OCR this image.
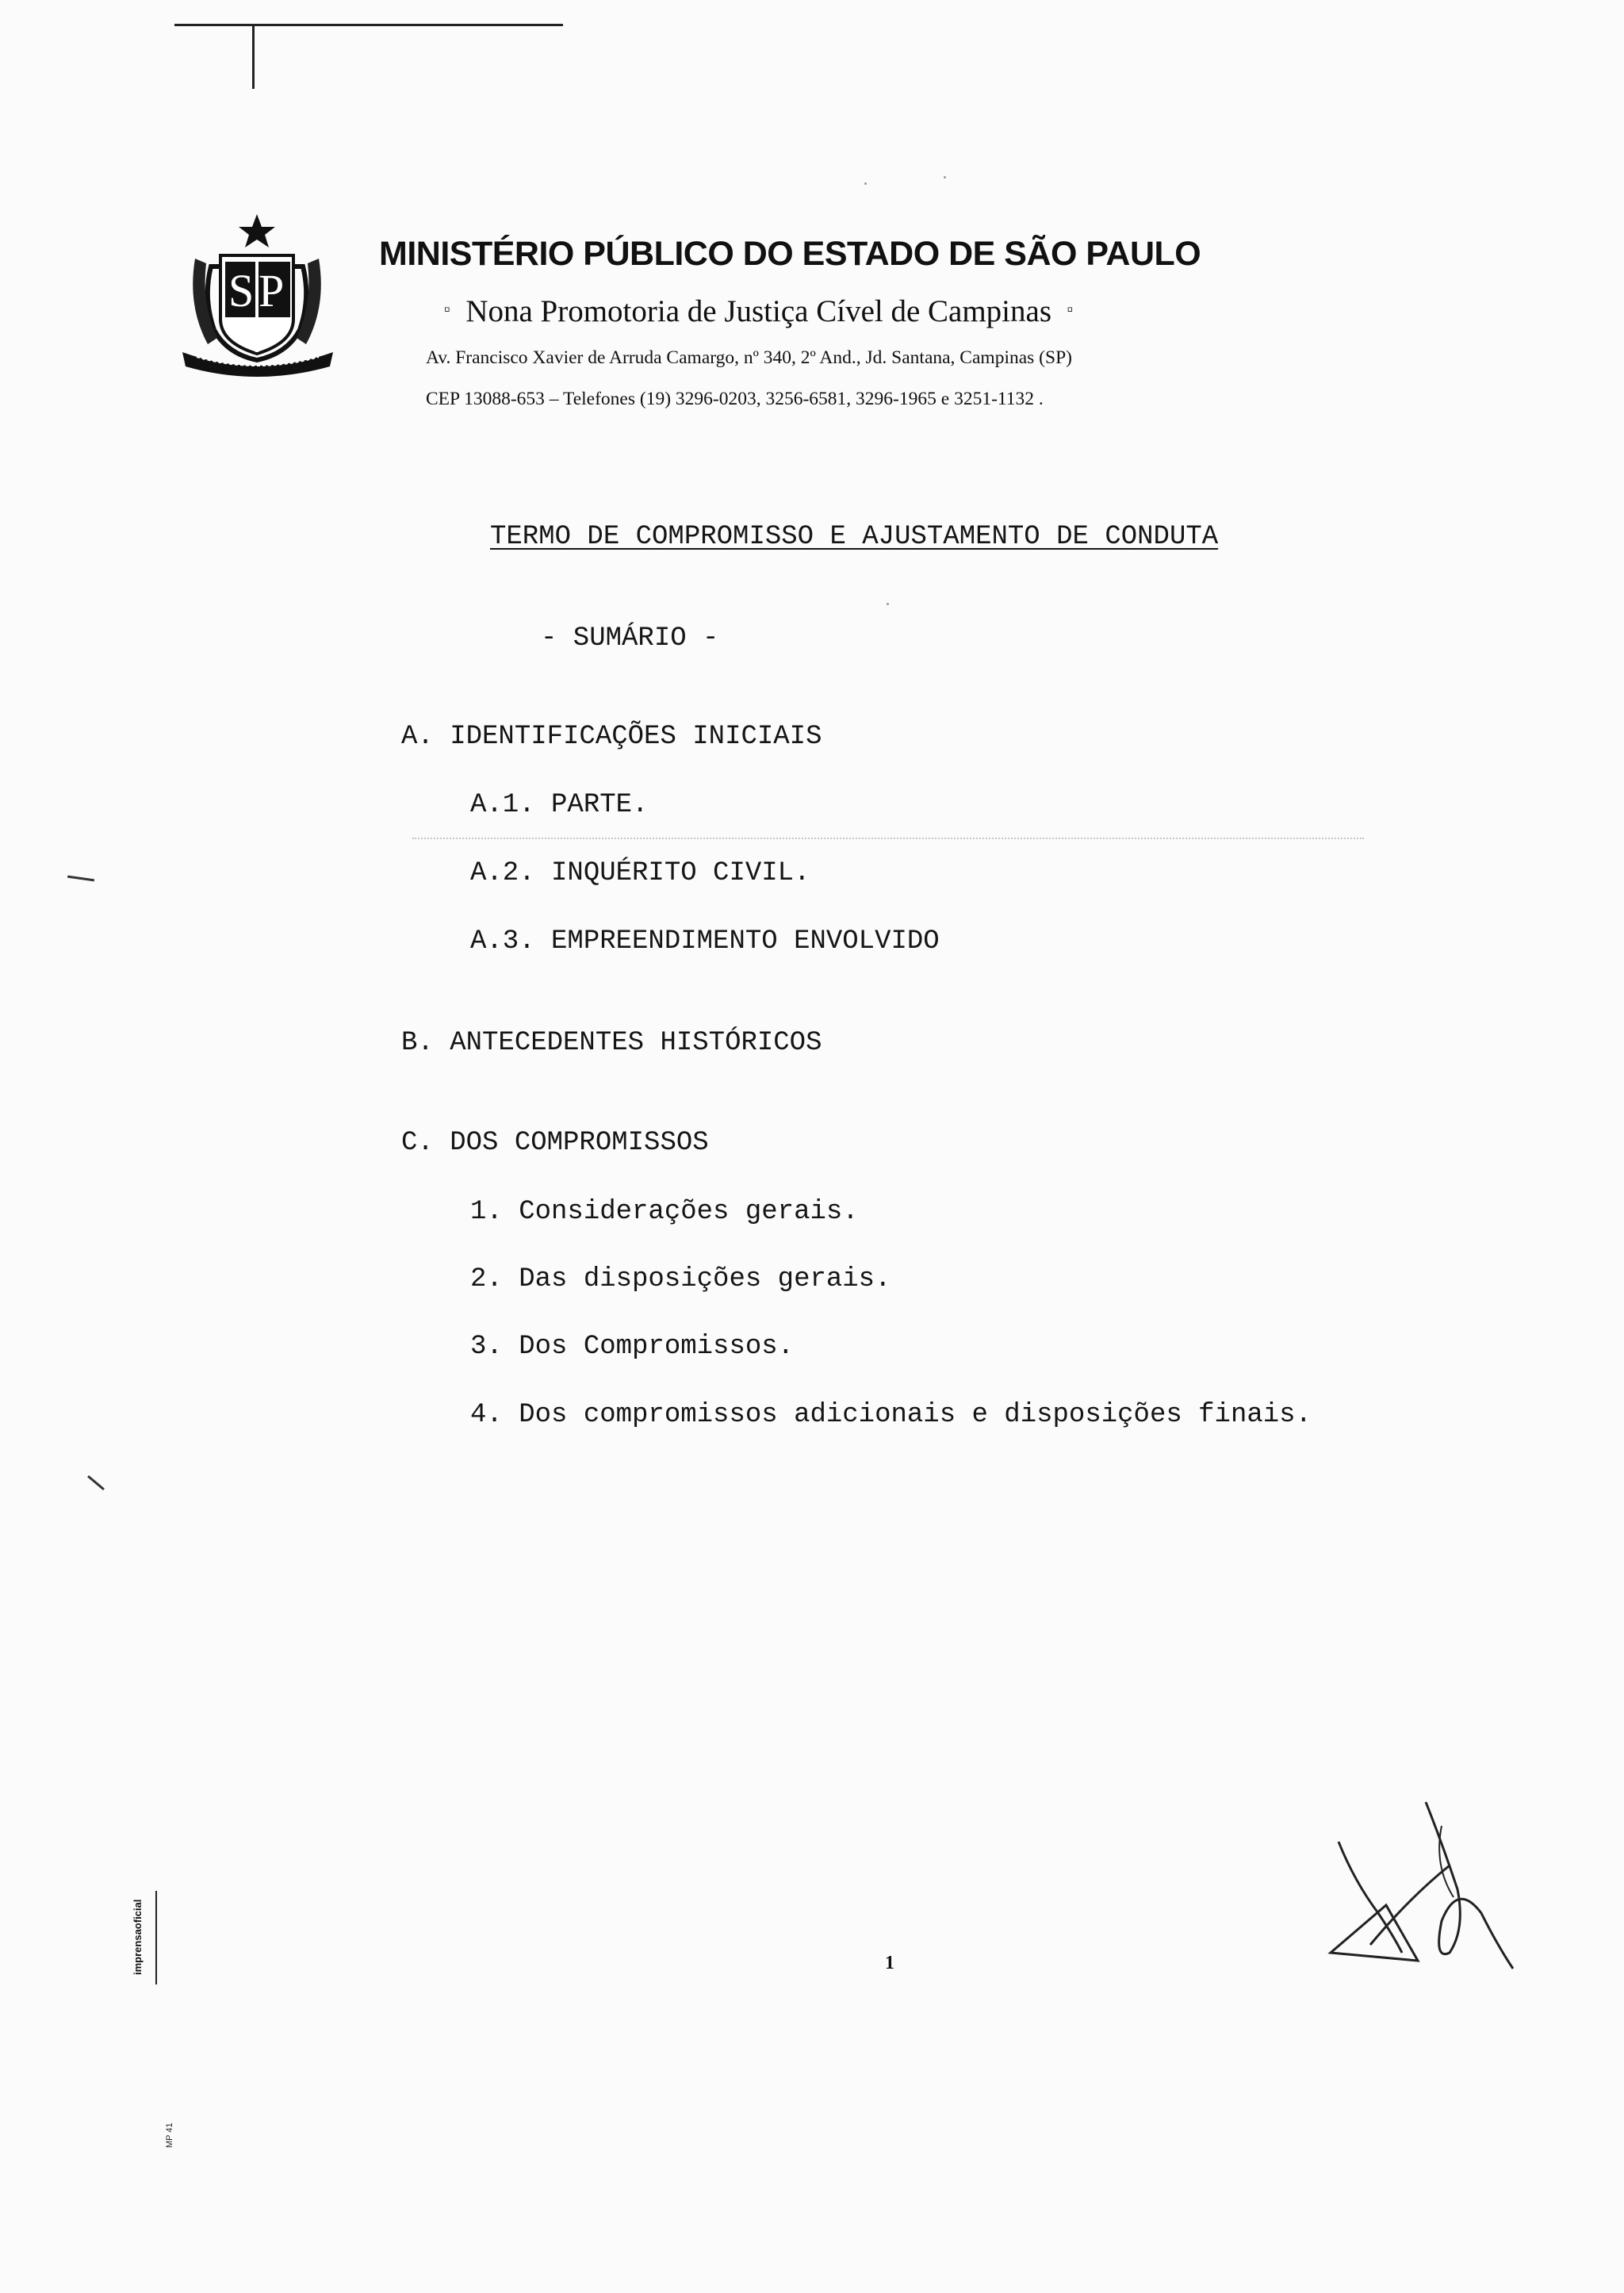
S P
MINISTÉRIO PÚBLICO DO ESTADO DE SÃO PAULO
▫ Nona Promotoria de Justiça Cível de Campinas ▫
Av. Francisco Xavier de Arruda Camargo, nº 340, 2º And., Jd. Santana, Campinas (SP)
CEP 13088-653 – Telefones (19) 3296-0203, 3256-6581, 3296-1965 e 3251-1132 .
TERMO DE COMPROMISSO E AJUSTAMENTO DE CONDUTA
- SUMÁRIO -
A. IDENTIFICAÇÕES INICIAIS
A.1. PARTE.
A.2. INQUÉRITO CIVIL.
A.3. EMPREENDIMENTO ENVOLVIDO
B. ANTECEDENTES HISTÓRICOS
C. DOS COMPROMISSOS
1. Considerações gerais.
2. Das disposições gerais.
3. Dos Compromissos.
4. Dos compromissos adicionais e disposições finais.
1
imprensaoficial
MP 41
